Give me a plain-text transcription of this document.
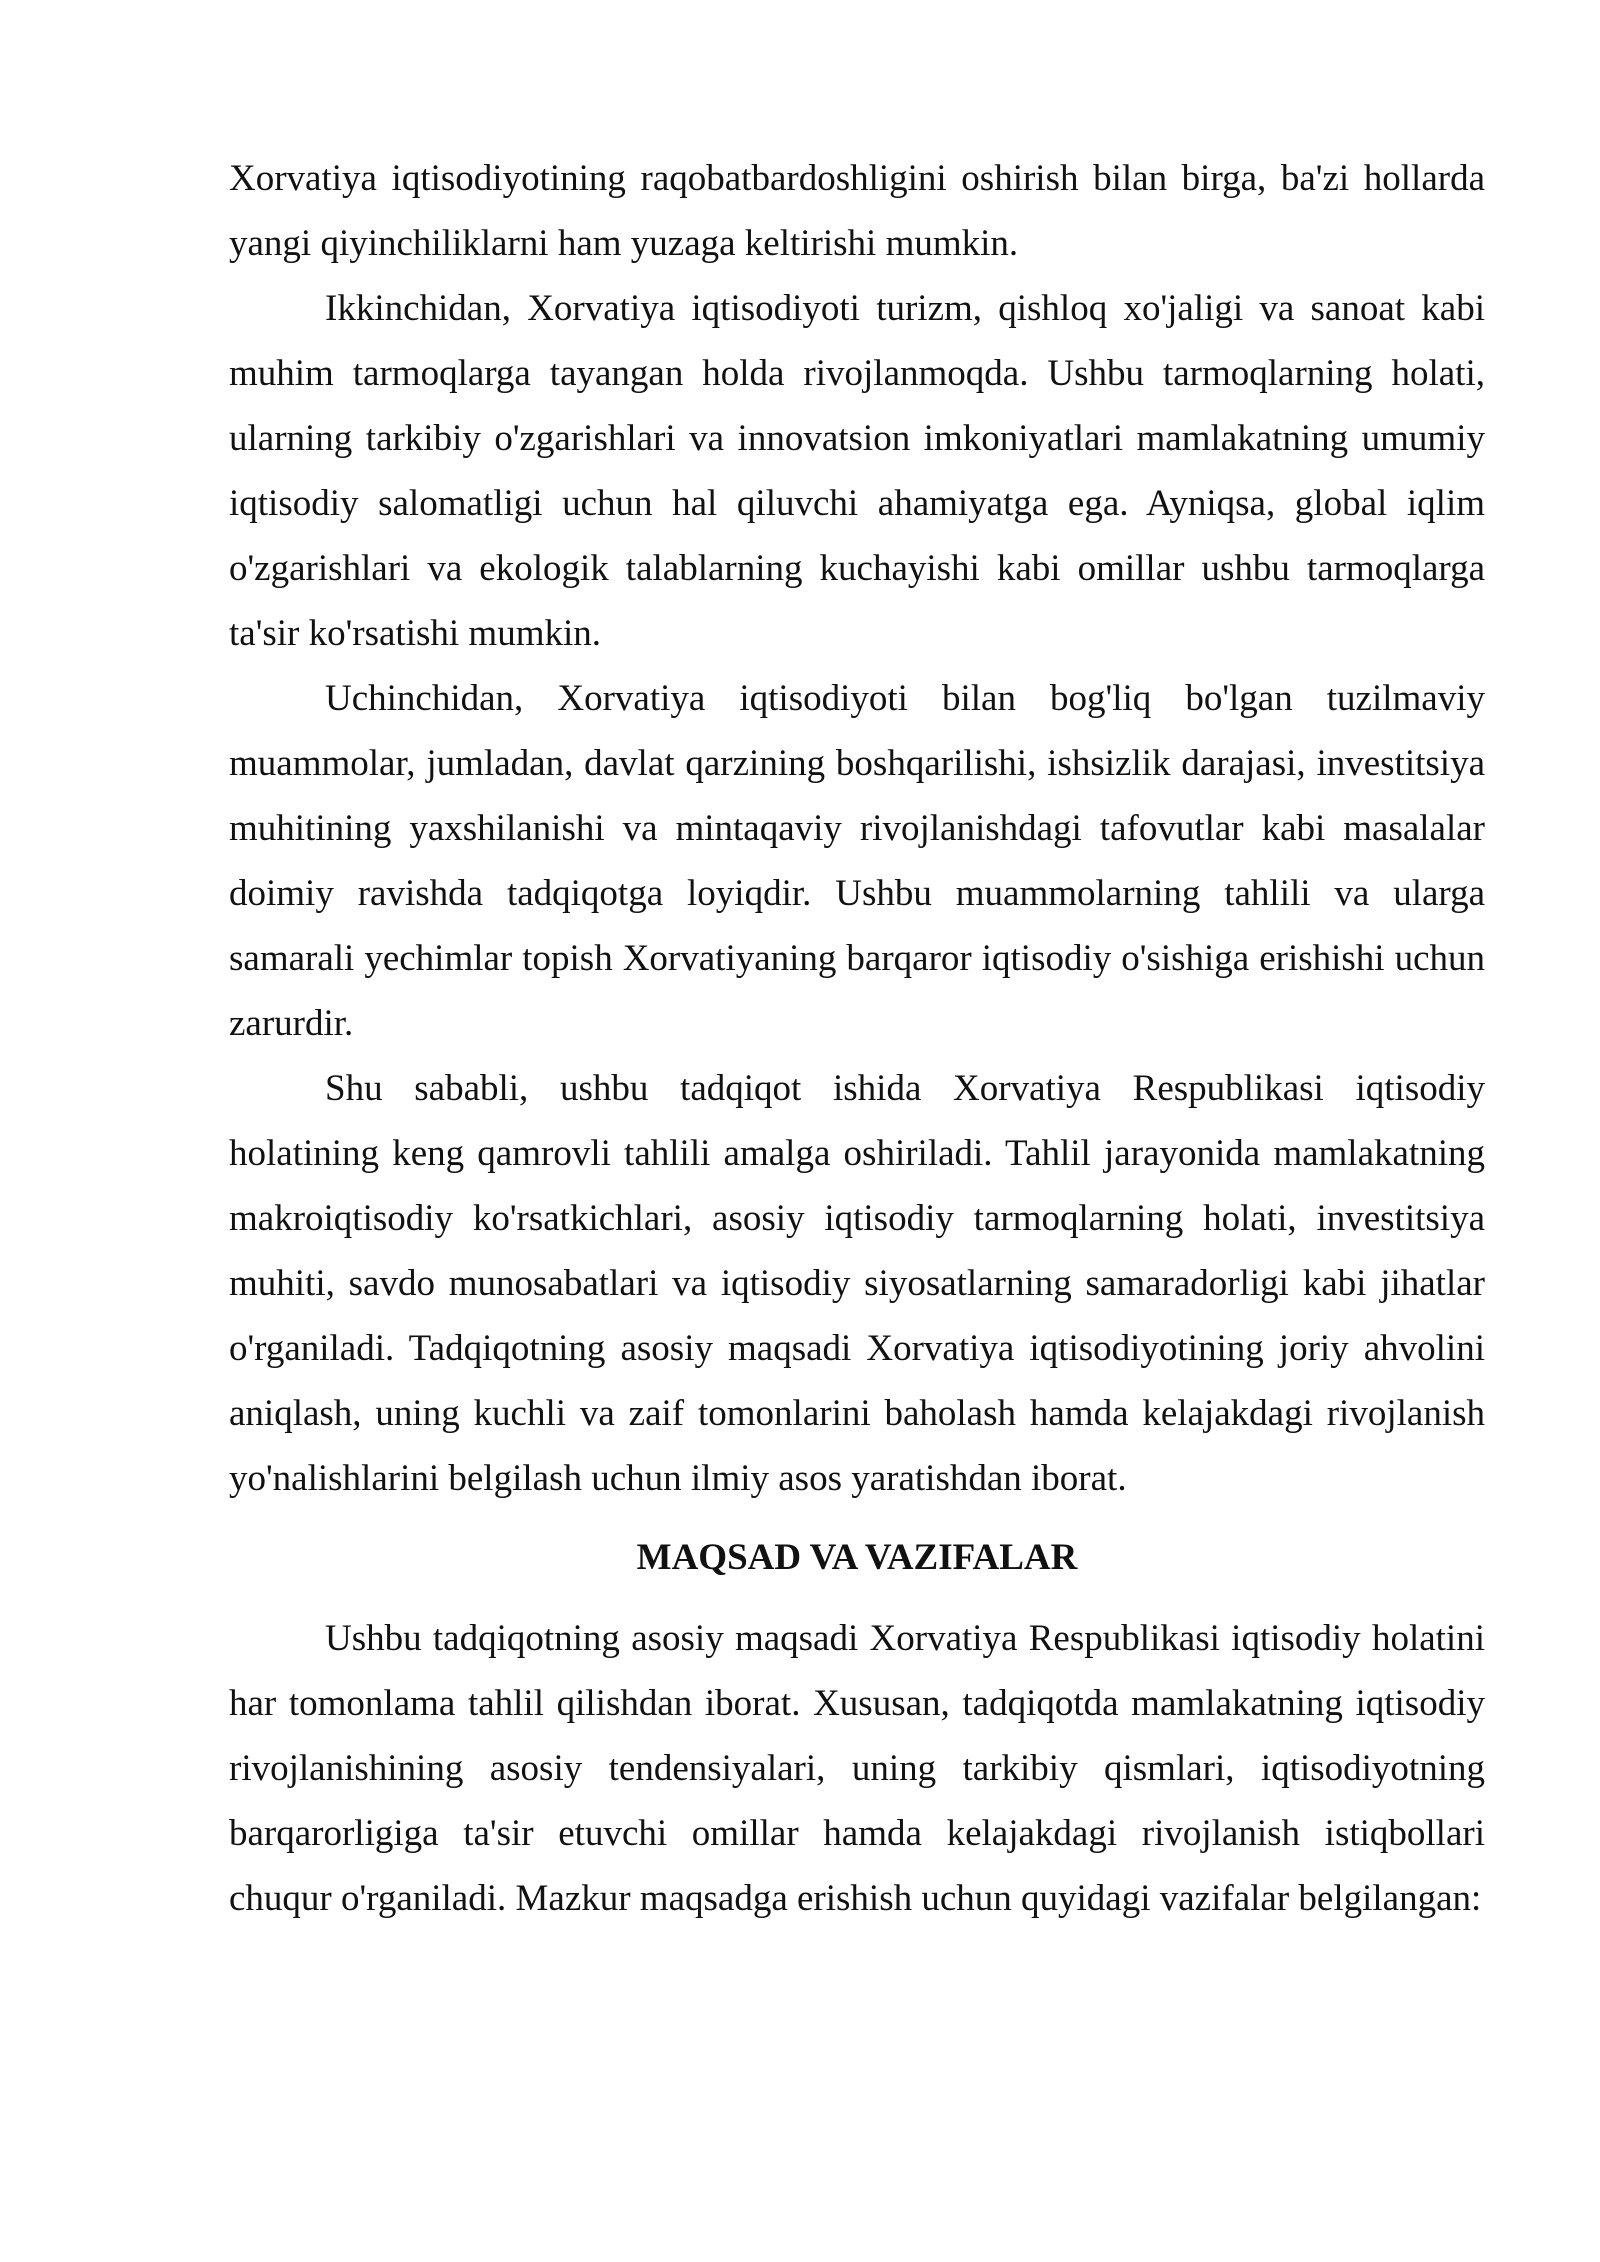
Xorvatiya iqtisodiyotining raqobatbardoshligini oshirish bilan birga, ba'zi hollarda yangi qiyinchiliklarni ham yuzaga keltirishi mumkin.

Ikkinchidan, Xorvatiya iqtisodiyoti turizm, qishloq xo'jaligi va sanoat kabi muhim tarmoqlarga tayangan holda rivojlanmoqda. Ushbu tarmoqlarning holati, ularning tarkibiy o'zgarishlari va innovatsion imkoniyatlari mamlakatning umumiy iqtisodiy salomatligi uchun hal qiluvchi ahamiyatga ega. Ayniqsa, global iqlim o'zgarishlari va ekologik talablarning kuchayishi kabi omillar ushbu tarmoqlarga ta'sir ko'rsatishi mumkin.

Uchinchidan, Xorvatiya iqtisodiyoti bilan bog'liq bo'lgan tuzilmaviy muammolar, jumladan, davlat qarzining boshqarilishi, ishsizlik darajasi, investitsiya muhitining yaxshilanishi va mintaqaviy rivojlanishdagi tafovutlar kabi masalalar doimiy ravishda tadqiqotga loyiqdir. Ushbu muammolarning tahlili va ularga samarali yechimlar topish Xorvatiyaning barqaror iqtisodiy o'sishiga erishishi uchun zarurdir.

Shu sababli, ushbu tadqiqot ishida Xorvatiya Respublikasi iqtisodiy holatining keng qamrovli tahlili amalga oshiriladi. Tahlil jarayonida mamlakatning makroiqtisodiy ko'rsatkichlari, asosiy iqtisodiy tarmoqlarning holati, investitsiya muhiti, savdo munosabatlari va iqtisodiy siyosatlarning samaradorligi kabi jihatlar o'rganiladi. Tadqiqotning asosiy maqsadi Xorvatiya iqtisodiyotining joriy ahvolini aniqlash, uning kuchli va zaif tomonlarini baholash hamda kelajakdagi rivojlanish yo'nalishlarini belgilash uchun ilmiy asos yaratishdan iborat.

MAQSAD VA VAZIFALAR

Ushbu tadqiqotning asosiy maqsadi Xorvatiya Respublikasi iqtisodiy holatini har tomonlama tahlil qilishdan iborat. Xususan, tadqiqotda mamlakatning iqtisodiy rivojlanishining asosiy tendensiyalari, uning tarkibiy qismlari, iqtisodiyotning barqarorligiga ta'sir etuvchi omillar hamda kelajakdagi rivojlanish istiqbollari chuqur o'rganiladi. Mazkur maqsadga erishish uchun quyidagi vazifalar belgilangan:
